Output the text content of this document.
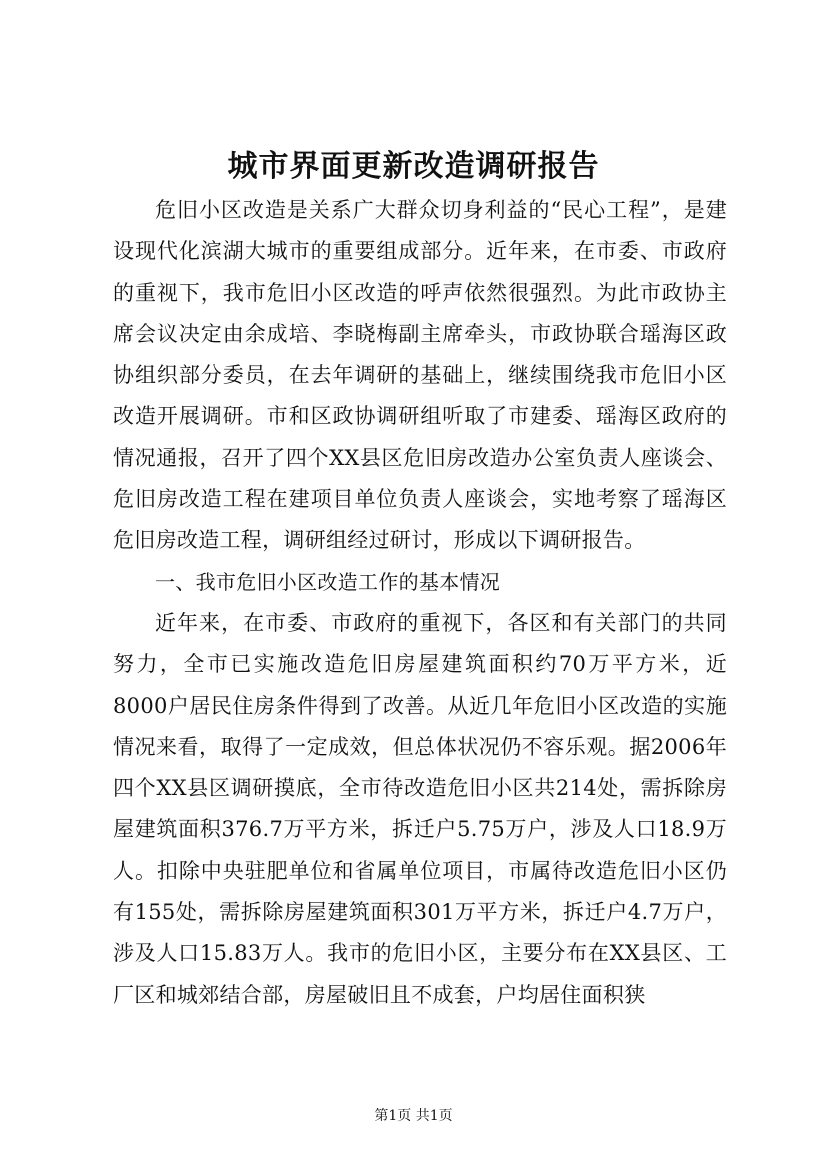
城市界面更新改造调研报告

危旧小区改造是关系广大群众切身利益的“民心工程”，是建设现代化滨湖大城市的重要组成部分。近年来，在市委、市政府的重视下，我市危旧小区改造的呼声依然很强烈。为此市政协主席会议决定由余成培、李晓梅副主席牵头，市政协联合瑶海区政协组织部分委员，在去年调研的基础上，继续围绕我市危旧小区改造开展调研。市和区政协调研组听取了市建委、瑶海区政府的情况通报，召开了四个XX县区危旧房改造办公室负责人座谈会、危旧房改造工程在建项目单位负责人座谈会，实地考察了瑶海区危旧房改造工程，调研组经过研讨，形成以下调研报告。

一、我市危旧小区改造工作的基本情况

近年来，在市委、市政府的重视下，各区和有关部门的共同努力，全市已实施改造危旧房屋建筑面积约70万平方米，近8000户居民住房条件得到了改善。从近几年危旧小区改造的实施情况来看，取得了一定成效，但总体状况仍不容乐观。据2006年四个XX县区调研摸底，全市待改造危旧小区共214处，需拆除房屋建筑面积376.7万平方米，拆迁户5.75万户，涉及人口18.9万人。扣除中央驻肥单位和省属单位项目，市属待改造危旧小区仍有155处，需拆除房屋建筑面积301万平方米，拆迁户4.7万户，涉及人口15.83万人。我市的危旧小区，主要分布在XX县区、工厂区和城郊结合部，房屋破旧且不成套，户均居住面积狭

第1页 共1页
